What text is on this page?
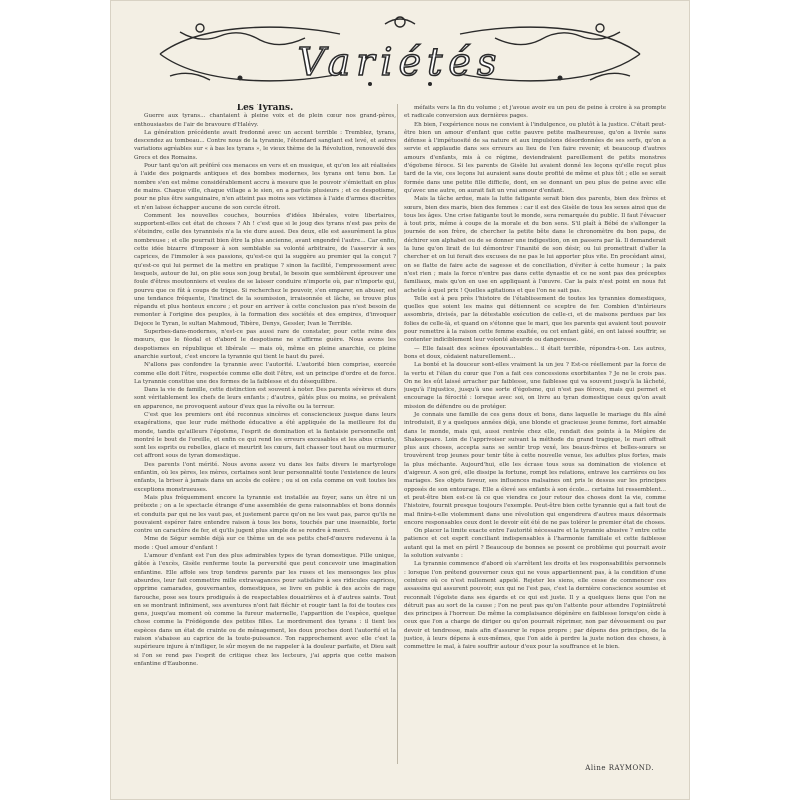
Variétés

Les Tyrans.

Guerre aux tyrans... chantaient à pleine voix et de plein cœur nos grand-pères, enthousiastes de l'air de bravoure d'Halévy.

La génération précédente avait fredonné avec un accent terrible : Tremblez, tyrans, descendez au tombeau... Contre nous de la tyrannie, l'étendard sanglant est levé, et autres variations agréables sur « à bas les tyrans », le vieux thème de la Révolution, renouvelé des Grecs et des Romains.

Pour tant qu'on ait préféré ces menaces en vers et en musique, et qu'on les ait réalisées à l'aide des poignards antiques et des bombes modernes, les tyrans ont tenu bon. Le nombre s'en est même considérablement accru à mesure que le pouvoir s'émiettait en plus de mains. Chaque ville, chaque village a le sien, en a parfois plusieurs ; et ce despotisme, pour ne plus être sanguinaire, n'en atteint pas moins ses victimes à l'aide d'armes discrètes et n'en laisse échapper aucune de son cercle étroit.

Comment les nouvelles couches, bourrées d'idées libérales, voire libertaires, supportent-elles cet état de choses ? Ah ! c'est que si le joug des tyrans n'est pas près de s'éteindre, celle des tyrannisés n'a la vie dure aussi. Des deux, elle est assurément la plus nombreuse ; et elle pourrait bien être la plus ancienne, avant engendré l'autre... Car enfin, cette idée bizarre d'imposer à son semblable sa volonté arbitraire, de l'asservir à ses caprices, de l'immoler à ses passions, qu'est-ce qui la suggère au premier qui la conçut ? qu'est-ce qui lui permet de la mettre en pratique ? sinon la facilité, l'empressement avec lesquels, autour de lui, on plie sous son joug brutal, le besoin que semblèrent éprouver une foule d'êtres moutonniers et veules de se laisser conduire n'importe où, par n'importe qui, pourvu que ce fût à coups de trique. Si recherchez le pouvoir, s'en emparer, en abuser, est une tendance fréquente, l'instinct de la soumission, irraisonnée et lâche, se trouve plus répandu et plus honteux encore ; et pour en arriver à cette conclusion pas n'est besoin de remonter à l'origine des peuples, à la formation des sociétés et des empires, d'invoquer Dejoce le Tyran, le sultan Mahmoud, Tibère, Denys, Gessler, Ivan le Terrible.

Superbes-dans-modernes, n'est-ce pas aussi rare de constater, pour cette reine des mœurs, que le féodal et d'abord le despotisme ne s'affirme guère. Nous avons les despotismes en république et libérale — mais où, même en pleine anarchie, ce pleine anarchie surtout, c'est encore la tyrannie qui tient le haut du pavé.

N'allons pas confondre la tyrannie avec l'autorité. L'autorité bien comprise, exercée comme elle doit l'être, respectée comme elle doit l'être, est un principe d'ordre et de force. La tyrannie constitue une des formes de la faiblesse et du désequilibre.

Dans la vie de famille, cette distinction est souvent à noter. Des parents sévères et durs sont véritablement les chefs de leurs enfants ; d'autres, gâtés plus ou moins, se prévalent en apparence, ne provoquent autour d'eux que la révolte ou la terreur.

C'est que les premiers ont été reconnus sincères et consciencieux jusque dans leurs exagérations, que leur rude méthode éducative a été appliquée de la meilleure foi du monde, tandis qu'ailleurs l'égoïsme, l'esprit de domination et la fantaisie personnelle ont montré le bout de l'oreille, et enfin ce qui rend les erreurs excusables et les abus criants, sont les esprits ou rebelles, glace et meurtrit les cœurs, fait chasser tout haut ou murmurer cet affront sous de tyran domestique.

Des parents l'ont mérité. Nous avons assez vu dans les faits divers le martyrologe enfantin, où les pères, les mères, certaines sont leur personnalité toute l'existence de leurs enfants, la briser à jamais dans un accès de colère ; ou si on cela comme on voit toutes les exceptions monstrueuses.

Mais plus fréquemment encore la tyrannie est installée au foyer, sans un être ni un prétexte ; on a le spectacle étrange d'une assemblée de gens raisonnables et bons donnés et conduits par qui ne les vaut pas, et justement parce qu'on ne les vaut pas, parce qu'ils ne pouvaient espérer faire entendre raison à tous les bons, touchés par une insensible, forte contre un caractère de fer, et qu'ils jugent plus simple de se rendre à merci.

Mme de Ségur semble déjà sur ce thème un de ses petits chef-d'œuvre redevenu à la mode : Quel amour d'enfant !

L'amour d'enfant est l'un des plus admirables types de tyran domestique. Fille unique, gâtée à l'excès, Gisèle renferme toute la perversité que peut concevoir une imagination enfantine. Elle affole ses trop tendres parents par les ruses et les mensonges les plus absurdes, leur fait commettre mille extravagances pour satisfaire à ses ridicules caprices, opprime camarades, gouvernantes, domestiques, se livre en public à des accès de rage farouche, pose ses tours prodigués à de respectables douairières et à d'autres saints. Tout en se montrant infiniment, ses aventures n'ont fait fléchir et rougir tant la foi de toutes ces gens, jusqu'au moment où comme la fureur maternelle, l'apparition de l'espèce, quelque chose comme la Frédégonde des petites filles. Le mordrement des tyrans : il tient les espèces dans un état de crainte ou de ménagement, les doux proches dont l'autorité et la raison s'abaisse au caprice de la toute-puissance. Ton rapprochement avec elle c'est la supérieure injure à n'infliger, le sûr moyen de ne rappeler à la douleur parfaite, et Dieu sait si l'on se rend pas l'esprit de critique chez les lecteurs, j'ai appris que cette maison enfantine d'Eaubonne.

méfaits vers la fin du volume ; et j'avoue avoir eu un peu de peine à croire à sa prompte et radicale conversion aux dernières pages.

Eh bien, l'expérience nous ne convient à l'indulgence, ou plutôt à la justice. C'était peut-être bien un amour d'enfant que cette pauvre petite malheureuse, qu'on a livrée sans défense à l'impétuosité de sa nature et aux impulsions désordonnées de ses serfs, qu'on a servie et applaudie dans ses erreurs au lieu de l'en faire revenir, et beaucoup d'autres amours d'enfants, mis à ce régime, deviendraient pareillement de petits monstres d'égoïsme féroce. Si les parents de Gisèle lui avaient donné les leçons qu'elle reçut plus tard de la vie, ces leçons lui auraient sans doute profité de même et plus tôt ; elle se serait formée dans une petite fille difficile, dont, en se donnant un peu plus de peine avec elle qu'avec une autre, on aurait fait un vrai amour d'enfant.

Mais la tâche ardue, mais la lutte fatigante serait bien des parents, bien des frères et sœurs, bien des maris, bien des femmes : car il est des Gisèle de tous les sexes ainsi que de tous les âges. Une crise fatigante tout le monde, sera remarquée du public. Il faut l'évacuer à tout prix, même à coups de la morale et du bon sens. S'il plaît à Bébé de s'allonger la journée de son frère, de chercher la petite bête dans le chronomètre du bon papa, de déchirer son alphabet ou de se donner une indigestion, on en passera par là. Il demanderait la lune qu'on lirait de lui démontrer l'inanité de son désir, ou lui promettrait d'aller la chercher et on lui ferait des excuses de ne pas le lui apporter plus vite. En procédant ainsi, on se flatte de faire acte de sagesse et de conciliation, d'éviter à cette humeur ; la paix n'est rien ; mais la force n'entre pas dans cette dynastie et ce ne sont pas des préceptes familiaux, mais qu'on en use en appliquant à l'œuvre. Car la paix n'est point en nous fut achetée à quel prix ! Quelles agitations et que l'on ne sait pas.

Telle est à peu près l'histoire de l'établissement de toutes les tyrannies domestiques, quelles que soient les mains qui détiennent ce sceptre de fer. Combien d'intérieurs assombris, divisés, par la détestable exécution de celle-ci, et de maisons perdues par les folies de celle-là, et quand on s'étonne que le mari, que les parents qui avaient tout pouvoir pour remettre à la raison cette femme exaltée, ou cet enfant gâté, en ont laissé souffrir, se contenter indiciblement leur volonté absurde ou dangereuse.

— Elle faisait des scènes épouvantables... il était terrible, répondra-t-on. Les autres, bons et doux, cédaient naturellement...

La bonté et la douceur sont-elles vraiment la un jeu ? Est-ce réellement par la force de la vertu et l'élan du cœur que l'on a fait ces concessions exorbitantes ? Je ne le crois pas. On ne les eût laissé arracher par faiblesse, une faiblesse qui va souvent jusqu'à la lâcheté, jusqu'à l'injustice, jusqu'à une sorte d'égoïsme, qui n'est pas féroce, mais qui permet et encourage la férocité : lorsque avec soi, on livre au tyran domestique ceux qu'on avait mission de défendre ou de protéger.

Je connais une famille de ces gens doux et bons, dans laquelle le mariage du fils aîné introduisit, il y a quelques années déjà, une blonde et gracieuse jeune femme, fort aimable dans le monde, mais qui, aussi rentrée chez elle, rendait des points à la Mégère de Shakespeare. Loin de l'apprivoiser suivant la méthode du grand tragique, le mari offrait plus aux choses, accepta sans se sentir trop vexé, les beaux-frères et belles-sœurs se trouvèrent trop jeunes pour tenir tête à cette nouvelle venue, les adultes plus fortes, mais la plus méchante. Aujourd'hui, elle les écrase tous sous sa domination de violence et d'aigreur. A son gré, elle dissipe la fortune, rompt les relations, entrave les carrières ou les mariages. Ses objets faveur, ses influences malsaines ont pris le dessus sur les principes opposés de son entourage. Elle a élevé ses enfants à son école... certains lui ressemblent... et peut-être bien est-ce là ce que viendra ce jour retour des choses dont la vie, comme l'histoire, fournit presque toujours l'exemple. Peut-être bien cette tyrannie qui a fait tout de mal finira-t-elle violemment dans une révolution qui engendrera d'autres maux désormais encore responsables ceux dont le devoir eût été de ne pas tolérer le premier état de choses.

On placer la limite exacte entre l'autorité nécessaire et la tyrannie abusive ? entre cette patience et cet esprit conciliant indispensables à l'harmonie familiale et cette faiblesse autant qui la met en péril ? Beaucoup de bonnes se posent ce problème qui pourrait avoir la solution suivante :

La tyrannie commence d'abord où s'arrêtent les droits et les responsabilités personnels : lorsque l'on prétend gouverner ceux qui ne vous appartiennent pas, à la condition d'une ceinture où ce n'est nullement appelé. Rejeter les siens, elle cesse de commencer ces assassins qui assurent pouvoir, eux qui ne l'est pas, c'est la dernière conscience soumise et reconnaît l'égoïste dans ses égards et ce qui est juste. Il y a quelques liens que l'on ne détruit pas au sort de la cause ; l'on ne peut pas qu'on l'attente pour attendre l'opiniâtreté des principes à l'horreur. De même la complaisance dégénère en faiblesse lorsqu'on cède à ceux que l'on a charge de diriger ou qu'on pourrait réprimer, non par dévouement ou par devoir et tendresse, mais afin d'assurer le repos propre ; par dépens des principes, de la justice, à leurs dépens à eux-mêmes, que l'on aide à perdre la juste notion des choses, à commettre le mal, à faire souffrir autour d'eux pour la souffrance et le bien.

Aline RAYMOND.
